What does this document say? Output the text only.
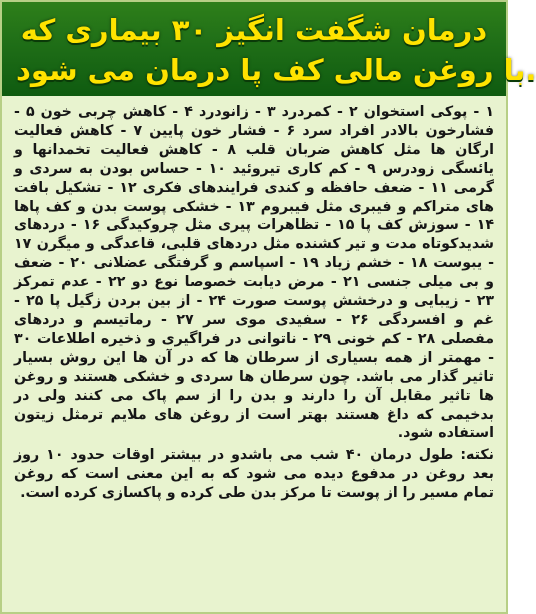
درمان شگفت انگیز ۳۰ بیماری که
با روغن مالی کف پا درمان می شود.

۱ - پوکی استخوان ۲ - کمردرد ۳ - زانودرد ۴ - کاهش چربی خون ۵ - فشارخون بالادر افراد سرد ۶ - فشار خون پایین ۷ - کاهش فعالیت ارگان ها مثل کاهش ضربان قلب ۸ - کاهش فعالیت تخمدانها و یائسگی زودرس ۹ - کم کاری تیروئید ۱۰ - حساس بودن به سردی و گرمی ۱۱ - ضعف حافظه و کندی فرایندهای فکری ۱۲ - تشکیل بافت های متراکم و فیبری مثل فیبروم ۱۳ - خشکی پوست بدن و کف پاها ۱۴ - سوزش کف پا ۱۵ - تظاهرات پیری مثل چروکیدگی ۱۶ - دردهای شدیدکوتاه مدت و تیر کشنده مثل دردهای قلبی، قاعدگی و میگرن ۱۷ - یبوست ۱۸ - خشم زیاد ۱۹ - اسپاسم و گرفتگی عضلانی ۲۰ - ضعف و بی میلی جنسی ۲۱ - مرض دیابت خصوصا نوع دو ۲۲ - عدم تمرکز ۲۳ - زیبایی و درخشش پوست صورت ۲۴ - از بین بردن زگیل پا ۲۵ - غم و افسردگی ۲۶ - سفیدی موی سر ۲۷ - رماتیسم و دردهای مفصلی ۲۸ - کم خونی ۲۹ - ناتوانی در فراگیری و ذخیره اطلاعات ۳۰ - مهمتر از همه بسیاری از سرطان ها که در آن ها این روش بسیار تاثیر گذار می باشد. چون سرطان ها سردی و خشکی هستند و روغن ها تاثیر مقابل آن را دارند و بدن را از سم پاک می کنند ولی در بدخیمی که داغ هستند بهتر است از روغن های ملایم ترمثل زیتون استفاده شود.

نکته: طول درمان ۴۰ شب می باشدو در بیشتر اوقات حدود ۱۰ روز بعد روغن در مدفوع دیده می شود که به این معنی است که روغن تمام مسیر را از پوست تا مرکز بدن طی کرده و پاکسازی کرده است.
